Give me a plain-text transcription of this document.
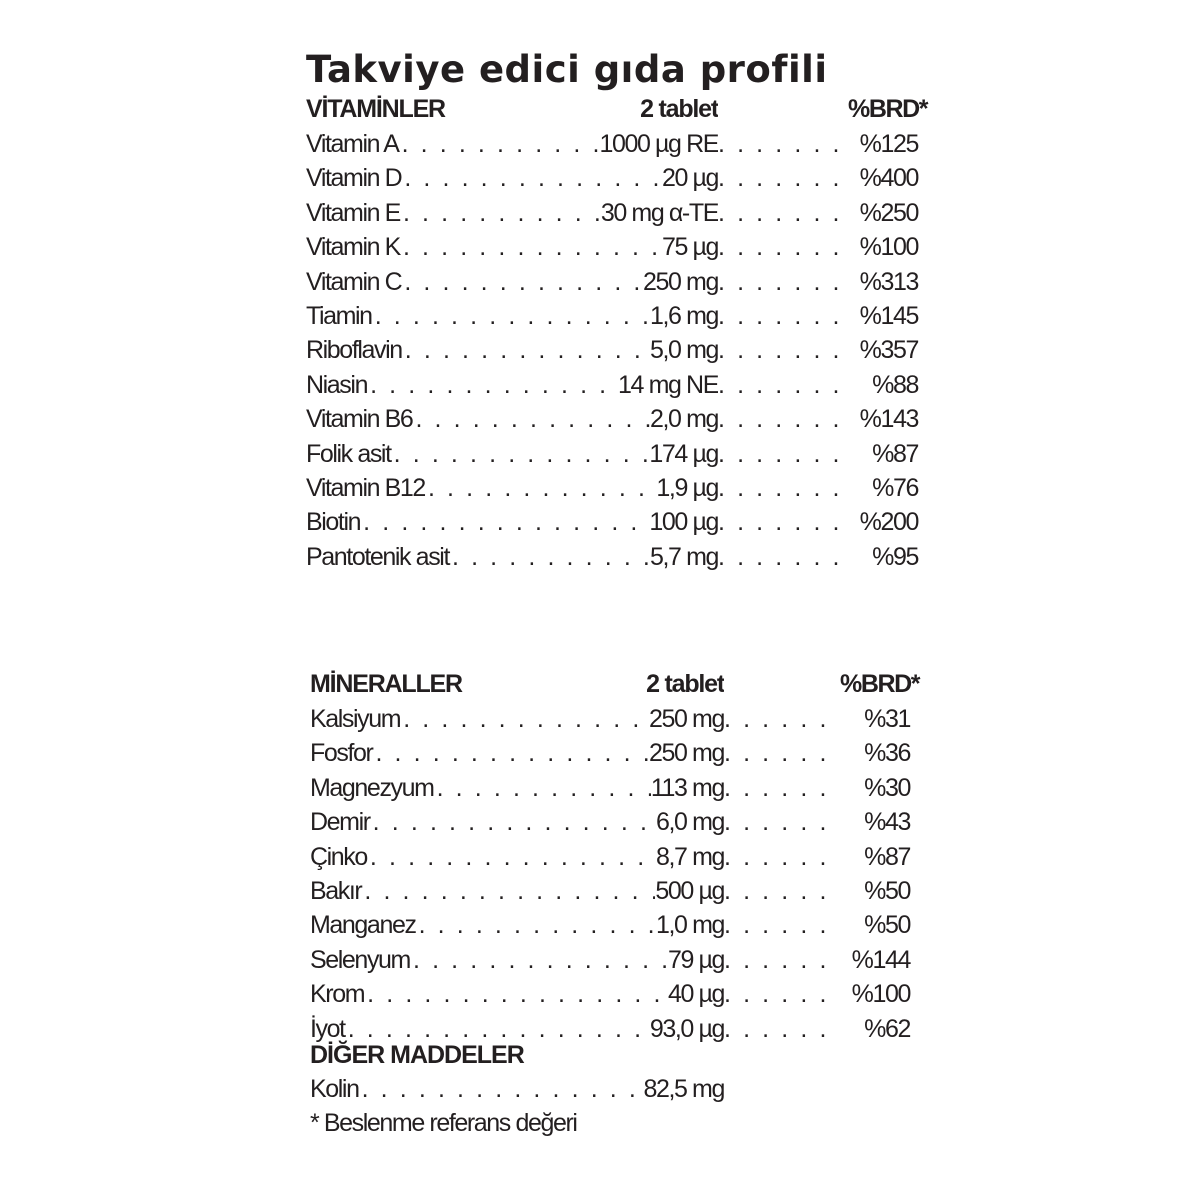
Takviye edici gıda profili
VİTAMİNLER	2 tablet	%BRD*
Vitamin A . . .	1000 µg RE . . .	%125
Vitamin D . . .	20 µg . . .	%400
Vitamin E . . .	30 mg α-TE . . .	%250
Vitamin K . . .	75 µg . . .	%100
Vitamin C . . .	250 mg . . .	%313
Tiamin . . .	1,6 mg . . .	%145
Riboflavin . . .	5,0 mg . . .	%357
Niasin . . .	14 mg NE . . .	%88
Vitamin B6 . . .	2,0 mg . . .	%143
Folik asit . . .	174 µg . . .	%87
Vitamin B12 . . .	1,9 µg . . .	%76
Biotin . . .	100 µg . . .	%200
Pantotenik asit . . .	5,7 mg . . .	%95
MİNERALLER	2 tablet	%BRD*
Kalsiyum . . .	250 mg . . .	%31
Fosfor . . .	250 mg . . .	%36
Magnezyum . . .	113 mg . . .	%30
Demir . . .	6,0 mg . . .	%43
Çinko . . .	8,7 mg . . .	%87
Bakır . . .	500 µg . . .	%50
Manganez . . .	1,0 mg . . .	%50
Selenyum . . .	79 µg . . .	%144
Krom . . .	40 µg . . .	%100
İyot . . .	93,0 µg . . .	%62
DİĞER MADDELER
Kolin . . .	82,5 mg
* Beslenme referans değeri
